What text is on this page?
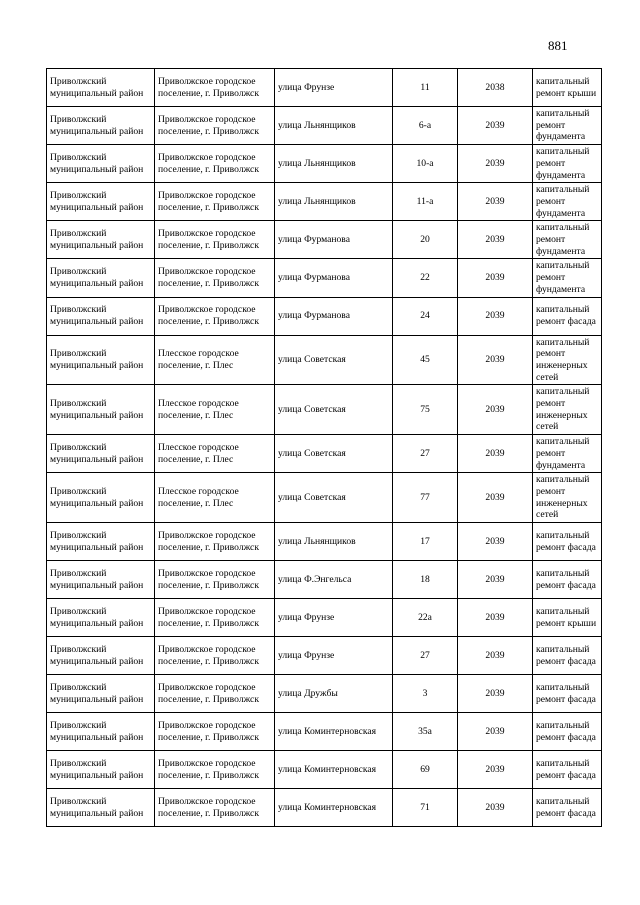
881
Приволжский муниципальный район	Приволжское городское поселение, г. Приволжск	улица Фрунзе	11	2038	капитальный ремонт крыши
Приволжский муниципальный район	Приволжское городское поселение, г. Приволжск	улица Льнянщиков	6-а	2039	капитальный ремонт фундамента
Приволжский муниципальный район	Приволжское городское поселение, г. Приволжск	улица Льнянщиков	10-а	2039	капитальный ремонт фундамента
Приволжский муниципальный район	Приволжское городское поселение, г. Приволжск	улица Льнянщиков	11-а	2039	капитальный ремонт фундамента
Приволжский муниципальный район	Приволжское городское поселение, г. Приволжск	улица Фурманова	20	2039	капитальный ремонт фундамента
Приволжский муниципальный район	Приволжское городское поселение, г. Приволжск	улица Фурманова	22	2039	капитальный ремонт фундамента
Приволжский муниципальный район	Приволжское городское поселение, г. Приволжск	улица Фурманова	24	2039	капитальный ремонт фасада
Приволжский муниципальный район	Плесское городское поселение, г. Плес	улица Советская	45	2039	капитальный ремонт инженерных сетей
Приволжский муниципальный район	Плесское городское поселение, г. Плес	улица Советская	75	2039	капитальный ремонт инженерных сетей
Приволжский муниципальный район	Плесское городское поселение, г. Плес	улица Советская	27	2039	капитальный ремонт фундамента
Приволжский муниципальный район	Плесское городское поселение, г. Плес	улица Советская	77	2039	капитальный ремонт инженерных сетей
Приволжский муниципальный район	Приволжское городское поселение, г. Приволжск	улица Льнянщиков	17	2039	капитальный ремонт фасада
Приволжский муниципальный район	Приволжское городское поселение, г. Приволжск	улица Ф.Энгельса	18	2039	капитальный ремонт фасада
Приволжский муниципальный район	Приволжское городское поселение, г. Приволжск	улица Фрунзе	22а	2039	капитальный ремонт крыши
Приволжский муниципальный район	Приволжское городское поселение, г. Приволжск	улица Фрунзе	27	2039	капитальный ремонт фасада
Приволжский муниципальный район	Приволжское городское поселение, г. Приволжск	улица Дружбы	3	2039	капитальный ремонт фасада
Приволжский муниципальный район	Приволжское городское поселение, г. Приволжск	улица Коминтерновская	35а	2039	капитальный ремонт фасада
Приволжский муниципальный район	Приволжское городское поселение, г. Приволжск	улица Коминтерновская	69	2039	капитальный ремонт фасада
Приволжский муниципальный район	Приволжское городское поселение, г. Приволжск	улица Коминтерновская	71	2039	капитальный ремонт фасада
